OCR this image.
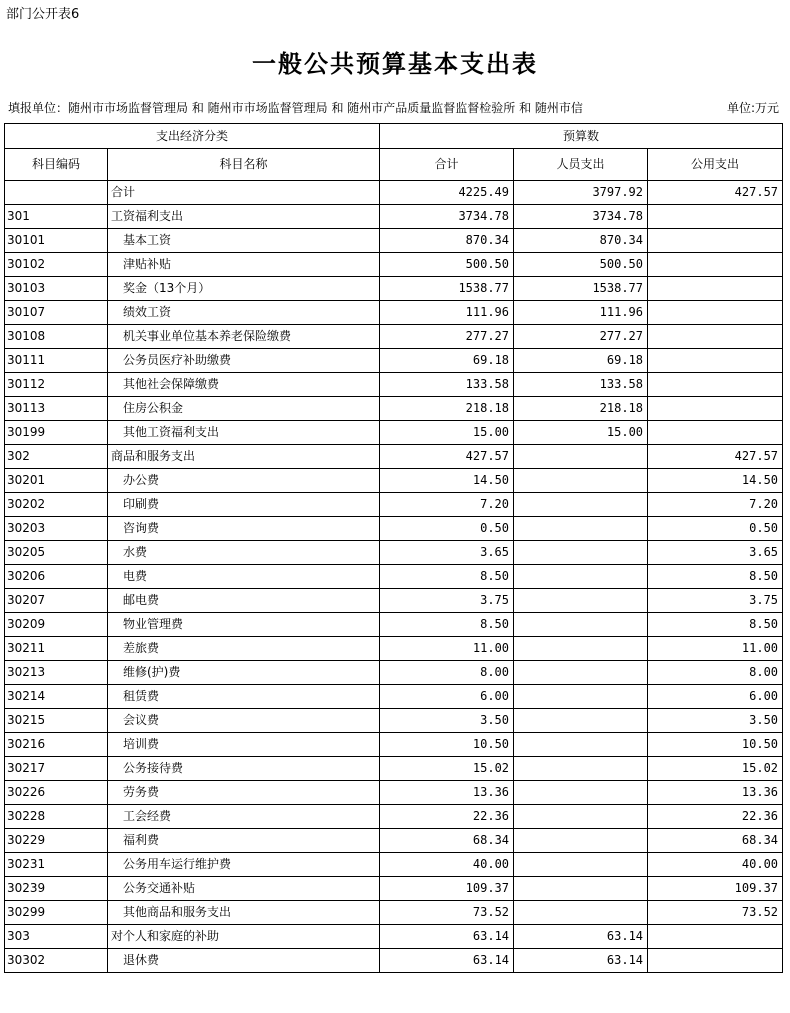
部门公开表6
一般公共预算基本支出表
填报单位：随州市市场监督管理局 和 随州市市场监督管理局 和 随州市产品质量监督监督检验所 和 随州市信	单位:万元
支出经济分类		预算数		
科目编码	科目名称	合计	人员支出	公用支出
	合计	4225.49	3797.92	427.57
301	工资福利支出	3734.78	3734.78	
30101	基本工资	870.34	870.34	
30102	津贴补贴	500.50	500.50	
30103	奖金（13个月）	1538.77	1538.77	
30107	绩效工资	111.96	111.96	
30108	机关事业单位基本养老保险缴费	277.27	277.27	
30111	公务员医疗补助缴费	69.18	69.18	
30112	其他社会保障缴费	133.58	133.58	
30113	住房公积金	218.18	218.18	
30199	其他工资福利支出	15.00	15.00	
302	商品和服务支出	427.57		427.57
30201	办公费	14.50		14.50
30202	印刷费	7.20		7.20
30203	咨询费	0.50		0.50
30205	水费	3.65		3.65
30206	电费	8.50		8.50
30207	邮电费	3.75		3.75
30209	物业管理费	8.50		8.50
30211	差旅费	11.00		11.00
30213	维修(护)费	8.00		8.00
30214	租赁费	6.00		6.00
30215	会议费	3.50		3.50
30216	培训费	10.50		10.50
30217	公务接待费	15.02		15.02
30226	劳务费	13.36		13.36
30228	工会经费	22.36		22.36
30229	福利费	68.34		68.34
30231	公务用车运行维护费	40.00		40.00
30239	公务交通补贴	109.37		109.37
30299	其他商品和服务支出	73.52		73.52
303	对个人和家庭的补助	63.14	63.14	
30302	退休费	63.14	63.14	
